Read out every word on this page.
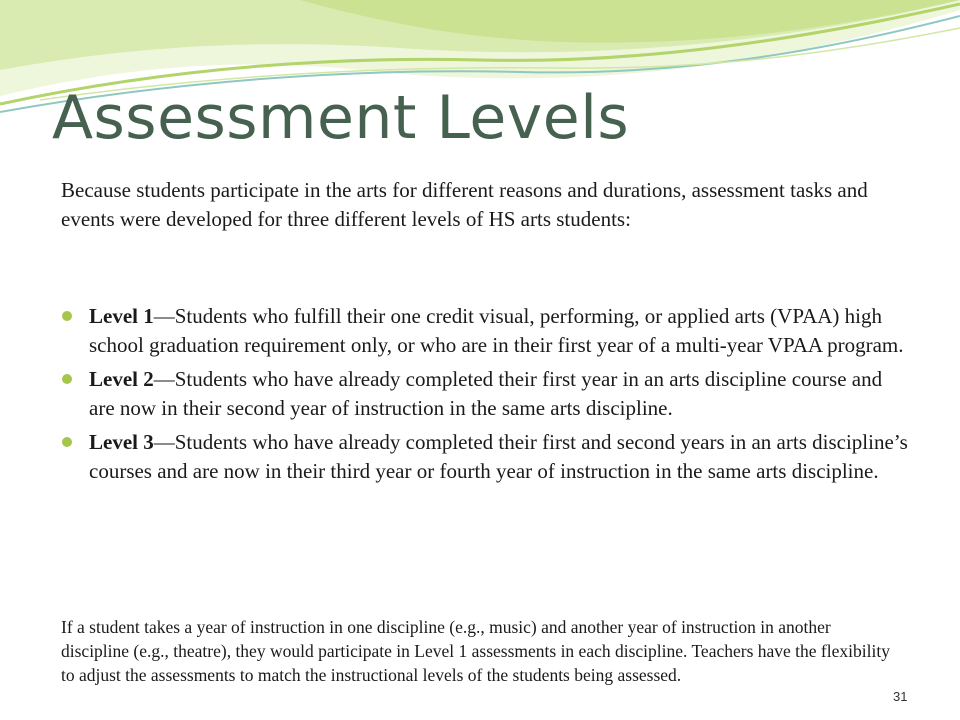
Assessment Levels

Because students participate in the arts for different reasons and durations, assessment tasks and events were developed for three different levels of HS arts students:

Level 1—Students who fulfill their one credit visual, performing, or applied arts (VPAA) high school graduation requirement only, or who are in their first year of a multi-year VPAA program.
Level 2—Students who have already completed their first year in an arts discipline course and are now in their second year of instruction in the same arts discipline.
Level 3—Students who have already completed their first and second years in an arts discipline’s courses and are now in their third year or fourth year of instruction in the same arts discipline.

If a student takes a year of instruction in one discipline (e.g., music) and another year of instruction in another discipline (e.g., theatre), they would participate in Level 1 assessments in each discipline. Teachers have the flexibility to adjust the assessments to match the instructional levels of the students being assessed.

31
